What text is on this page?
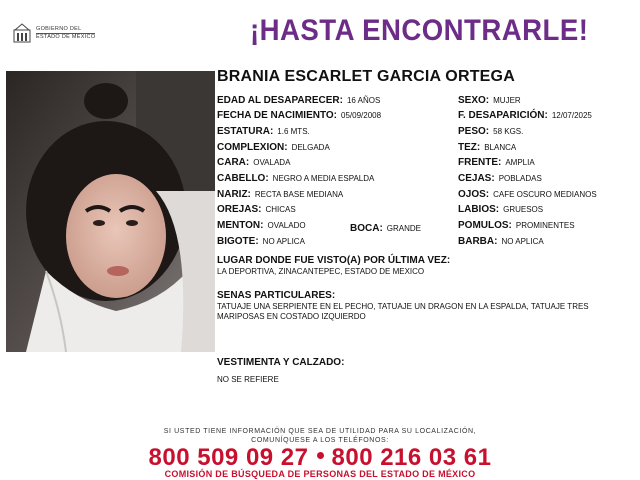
GOBIERNO DEL
ESTADO DE MÉXICO	¡HASTA ENCONTRARLE!
BRANIA ESCARLET GARCIA ORTEGA
EDAD AL DESAPARECER: 16 AÑOS
FECHA DE NACIMIENTO: 05/09/2008
ESTATURA: 1.6 MTS.
COMPLEXION: DELGADA
CARA: OVALADA
CABELLO: NEGRO A MEDIA ESPALDA
NARIZ: RECTA BASE MEDIANA
OREJAS: CHICAS
MENTON: OVALADO	BOCA: GRANDE
BIGOTE: NO APLICA
SEXO: MUJER
F. DESAPARICIÓN: 12/07/2025
PESO: 58 KGS.
TEZ: BLANCA
FRENTE: AMPLIA
CEJAS: POBLADAS
OJOS: CAFE OSCURO MEDIANOS
LABIOS: GRUESOS
POMULOS: PROMINENTES
BARBA: NO APLICA
LUGAR DONDE FUE VISTO(A) POR ÚLTIMA VEZ:
LA DEPORTIVA, ZINACANTEPEC, ESTADO DE MEXICO
SENAS PARTICULARES:
TATUAJE UNA SERPIENTE EN EL PECHO, TATUAJE UN DRAGON EN LA ESPALDA, TATUAJE TRES MARIPOSAS EN COSTADO IZQUIERDO
VESTIMENTA Y CALZADO:
NO SE REFIERE
SI USTED TIENE INFORMACIÓN QUE SEA DE UTILIDAD PARA SU LOCALIZACIÓN,
COMUNÍQUESE A LOS TELÉFONOS:
800 509 09 27 800 216 03 61
COMISIÓN DE BÚSQUEDA DE PERSONAS DEL ESTADO DE MÉXICO
